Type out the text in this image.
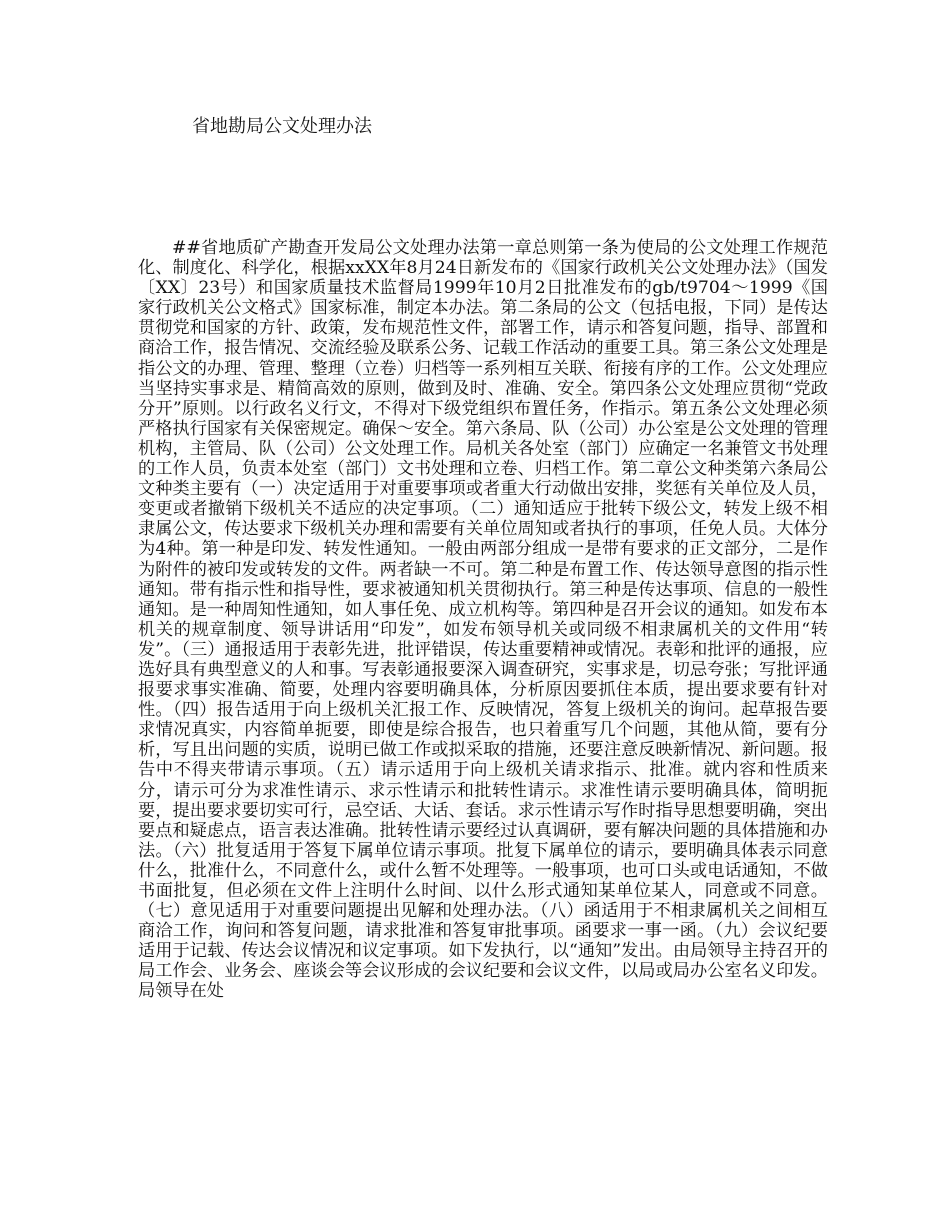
省地勘局公文处理办法

##省地质矿产勘查开发局公文处理办法第一章总则第一条为使局的公文处理工作规范化、制度化、科学化，根据xxXX年8月24日新发布的《国家行政机关公文处理办法》（国发〔XX〕23号）和国家质量技术监督局1999年10月2日批准发布的gb/t9704～1999《国家行政机关公文格式》国家标准，制定本办法。第二条局的公文（包括电报，下同）是传达贯彻党和国家的方针、政策，发布规范性文件，部署工作，请示和答复问题，指导、部置和商洽工作，报告情况、交流经验及联系公务、记载工作活动的重要工具。第三条公文处理是指公文的办理、管理、整理（立卷）归档等一系列相互关联、衔接有序的工作。公文处理应当坚持实事求是、精简高效的原则，做到及时、准确、安全。第四条公文处理应贯彻“党政分开”原则。以行政名义行文，不得对下级党组织布置任务，作指示。第五条公文处理必须严格执行国家有关保密规定。确保～安全。第六条局、队（公司）办公室是公文处理的管理机构，主管局、队（公司）公文处理工作。局机关各处室（部门）应确定一名兼管文书处理的工作人员，负责本处室（部门）文书处理和立卷、归档工作。第二章公文种类第六条局公文种类主要有（一）决定适用于对重要事项或者重大行动做出安排，奖惩有关单位及人员，变更或者撤销下级机关不适应的决定事项。（二）通知适应于批转下级公文，转发上级不相隶属公文，传达要求下级机关办理和需要有关单位周知或者执行的事项，任免人员。大体分为4种。第一种是印发、转发性通知。一般由两部分组成一是带有要求的正文部分，二是作为附件的被印发或转发的文件。两者缺一不可。第二种是布置工作、传达领导意图的指示性通知。带有指示性和指导性，要求被通知机关贯彻执行。第三种是传达事项、信息的一般性通知。是一种周知性通知，如人事任免、成立机构等。第四种是召开会议的通知。如发布本机关的规章制度、领导讲话用“印发”，如发布领导机关或同级不相隶属机关的文件用“转发”。（三）通报适用于表彰先进，批评错误，传达重要精神或情况。表彰和批评的通报，应选好具有典型意义的人和事。写表彰通报要深入调查研究，实事求是，切忌夸张；写批评通报要求事实准确、简要，处理内容要明确具体，分析原因要抓住本质，提出要求要有针对性。（四）报告适用于向上级机关汇报工作、反映情况，答复上级机关的询问。起草报告要求情况真实，内容简单扼要，即使是综合报告，也只着重写几个问题，其他从简，要有分析，写且出问题的实质，说明已做工作或拟采取的措施，还要注意反映新情况、新问题。报告中不得夹带请示事项。（五）请示适用于向上级机关请求指示、批准。就内容和性质来分，请示可分为求准性请示、求示性请示和批转性请示。求准性请示要明确具体，简明扼要，提出要求要切实可行，忌空话、大话、套话。求示性请示写作时指导思想要明确，突出要点和疑虑点，语言表达准确。批转性请示要经过认真调研，要有解决问题的具体措施和办法。（六）批复适用于答复下属单位请示事项。批复下属单位的请示，要明确具体表示同意什么，批准什么，不同意什么，或什么暂不处理等。一般事项，也可口头或电话通知，不做书面批复，但必须在文件上注明什么时间、以什么形式通知某单位某人，同意或不同意。（七）意见适用于对重要问题提出见解和处理办法。（八）函适用于不相隶属机关之间相互商洽工作，询问和答复问题，请求批准和答复审批事项。函要求一事一函。（九）会议纪要适用于记载、传达会议情况和议定事项。如下发执行，以“通知”发出。由局领导主持召开的局工作会、业务会、座谈会等会议形成的会议纪要和会议文件，以局或局办公室名义印发。局领导在处
